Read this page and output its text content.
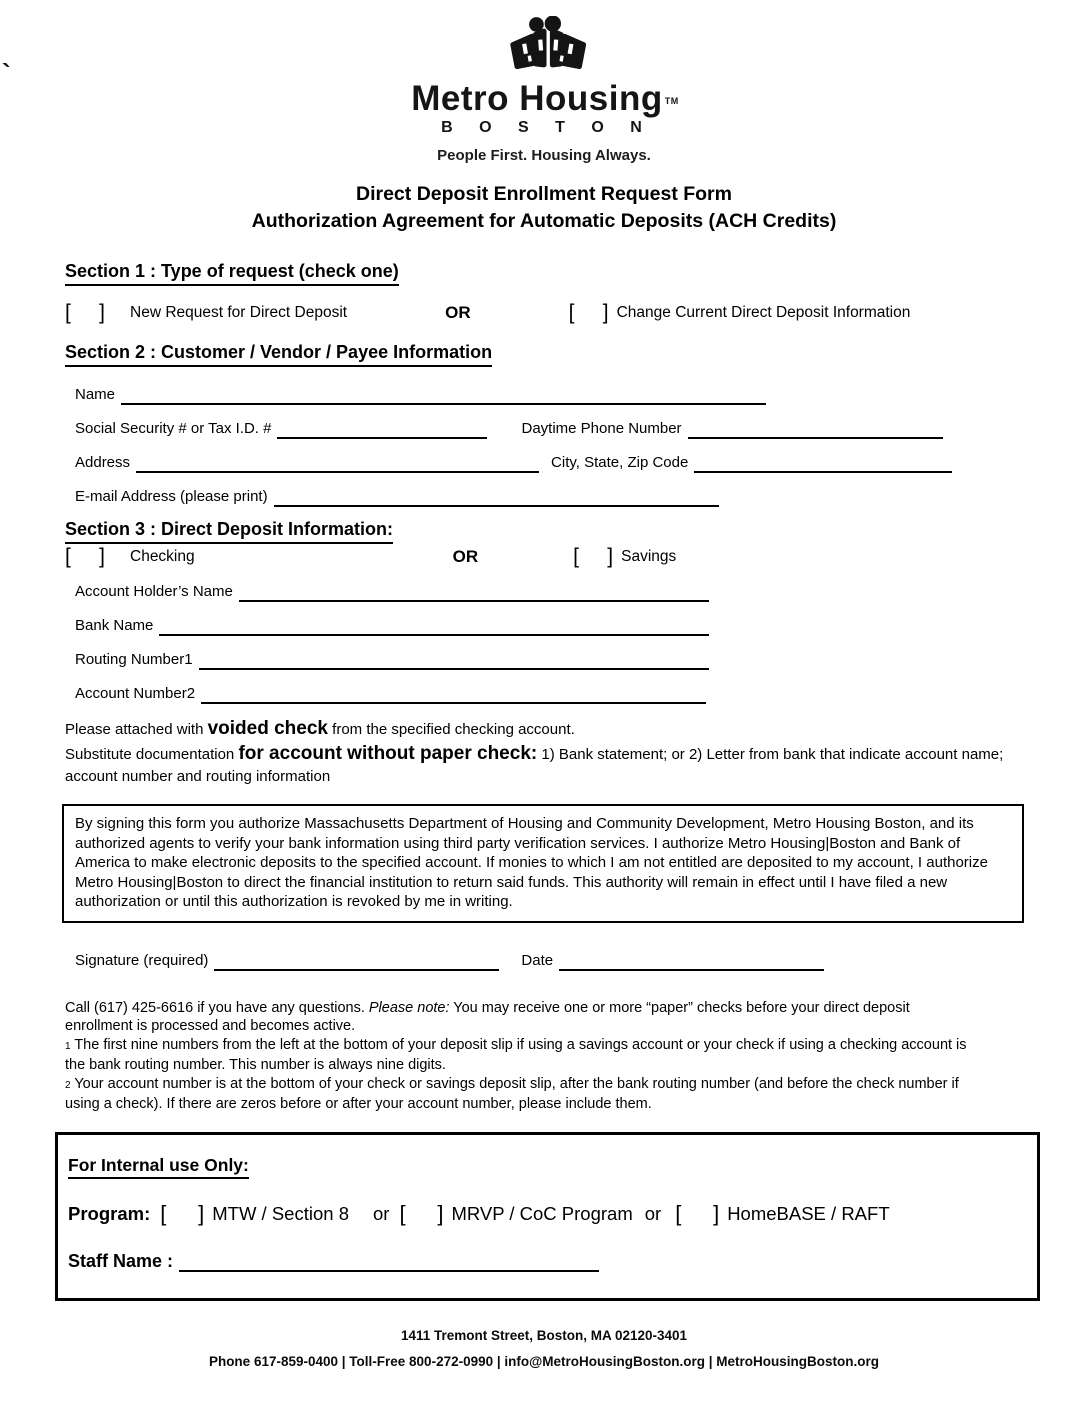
`
Metro Housing ™
B O S T O N
People First. Housing Always.
Direct Deposit Enrollment Request Form
Authorization Agreement for Automatic Deposits (ACH Credits)
Section 1 : Type of request (check one)
[ ] New Request for Direct Deposit	OR	[ ] Change Current Direct Deposit Information
Section 2 : Customer / Vendor / Payee Information
Name
Social Security # or Tax I.D. #	Daytime Phone Number
Address	City, State, Zip Code
E-mail Address (please print)
Section 3 : Direct Deposit Information:
[ ] Checking	OR	[ ] Savings
Account Holder’s Name
Bank Name
Routing Number1
Account Number2

Please attached with voided check from the specified checking account.

Substitute documentation for account without paper check: 1) Bank statement; or 2) Letter from bank that indicate account name; account number and routing information

By signing this form you authorize Massachusetts Department of Housing and Community Development, Metro Housing Boston, and its authorized agents to verify your bank information using third party verification services. I authorize Metro Housing|Boston and Bank of America to make electronic deposits to the specified account. If monies to which I am not entitled are deposited to my account, I authorize Metro Housing|Boston to direct the financial institution to return said funds. This authority will remain in effect until I have filed a new authorization or until this authorization is revoked by me in writing.
Signature (required)	Date

Call (617) 425-6616 if you have any questions. Please note: You may receive one or more “paper” checks before your direct deposit enrollment is processed and becomes active.

1 The first nine numbers from the left at the bottom of your deposit slip if using a savings account or your check if using a checking account is the bank routing number. This number is always nine digits.

2 Your account number is at the bottom of your check or savings deposit slip, after the bank routing number (and before the check number if using a check). If there are zeros before or after your account number, please include them.

For Internal use Only:
Program: [ ] MTW / Section 8 or [ ] MRVP / CoC Program or [ ] HomeBASE / RAFT
Staff Name :
1411 Tremont Street, Boston, MA 02120-3401
Phone 617-859-0400 | Toll-Free 800-272-0990 | info@MetroHousingBoston.org | MetroHousingBoston.org
